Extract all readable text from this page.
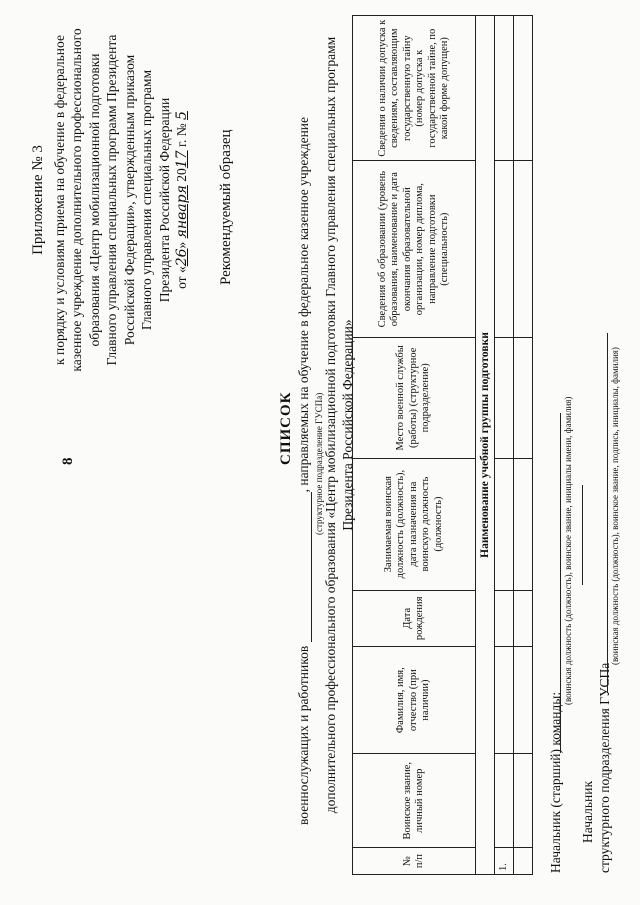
8
Приложение № 3 к порядку и условиям приема на обучение в федеральное казенное учреждение дополнительного профессионального образования «Центр мобилизационной подготовки Главного управления специальных программ Президента Российской Федерации», утвержденным приказом Главного управления специальных программ Президента Российской Федерации от «26» января 2017 г. № 5
Рекомендуемый образец
СПИСОК
военнослужащих и работников , направляемых на обучение в федеральное казенное учреждение (структурное подразделение ГУСПа) дополнительного профессионального образования «Центр мобилизационной подготовки Главного управления специальных программ Президента Российской Федерации»
№ п/п	Воинское звание, личный номер	Фамилия, имя, отчество (при наличии)	Дата рождения	Занимаемая воинская должность (должность), дата назначения на воинскую должность (должность)	Место военной службы (работы) (структурное подразделение)	Сведения об образовании (уровень образования, наименование и дата окончания образовательной организации, номер диплома, направление подготовки (специальность)	Сведения о наличии допуска к сведениям, составляющим государственную тайну (номер допуска к государственной тайне, по какой форме допущен)
Наименование учебной группы подготовки							
1.							
								Начальник (старший) команды:
(воинская должность (должность), воинское звание, инициалы имени, фамилия)
Начальник структурного подразделения ГУСПа
(воинская должность (должность), воинское звание, подпись, инициалы, фамилия)
